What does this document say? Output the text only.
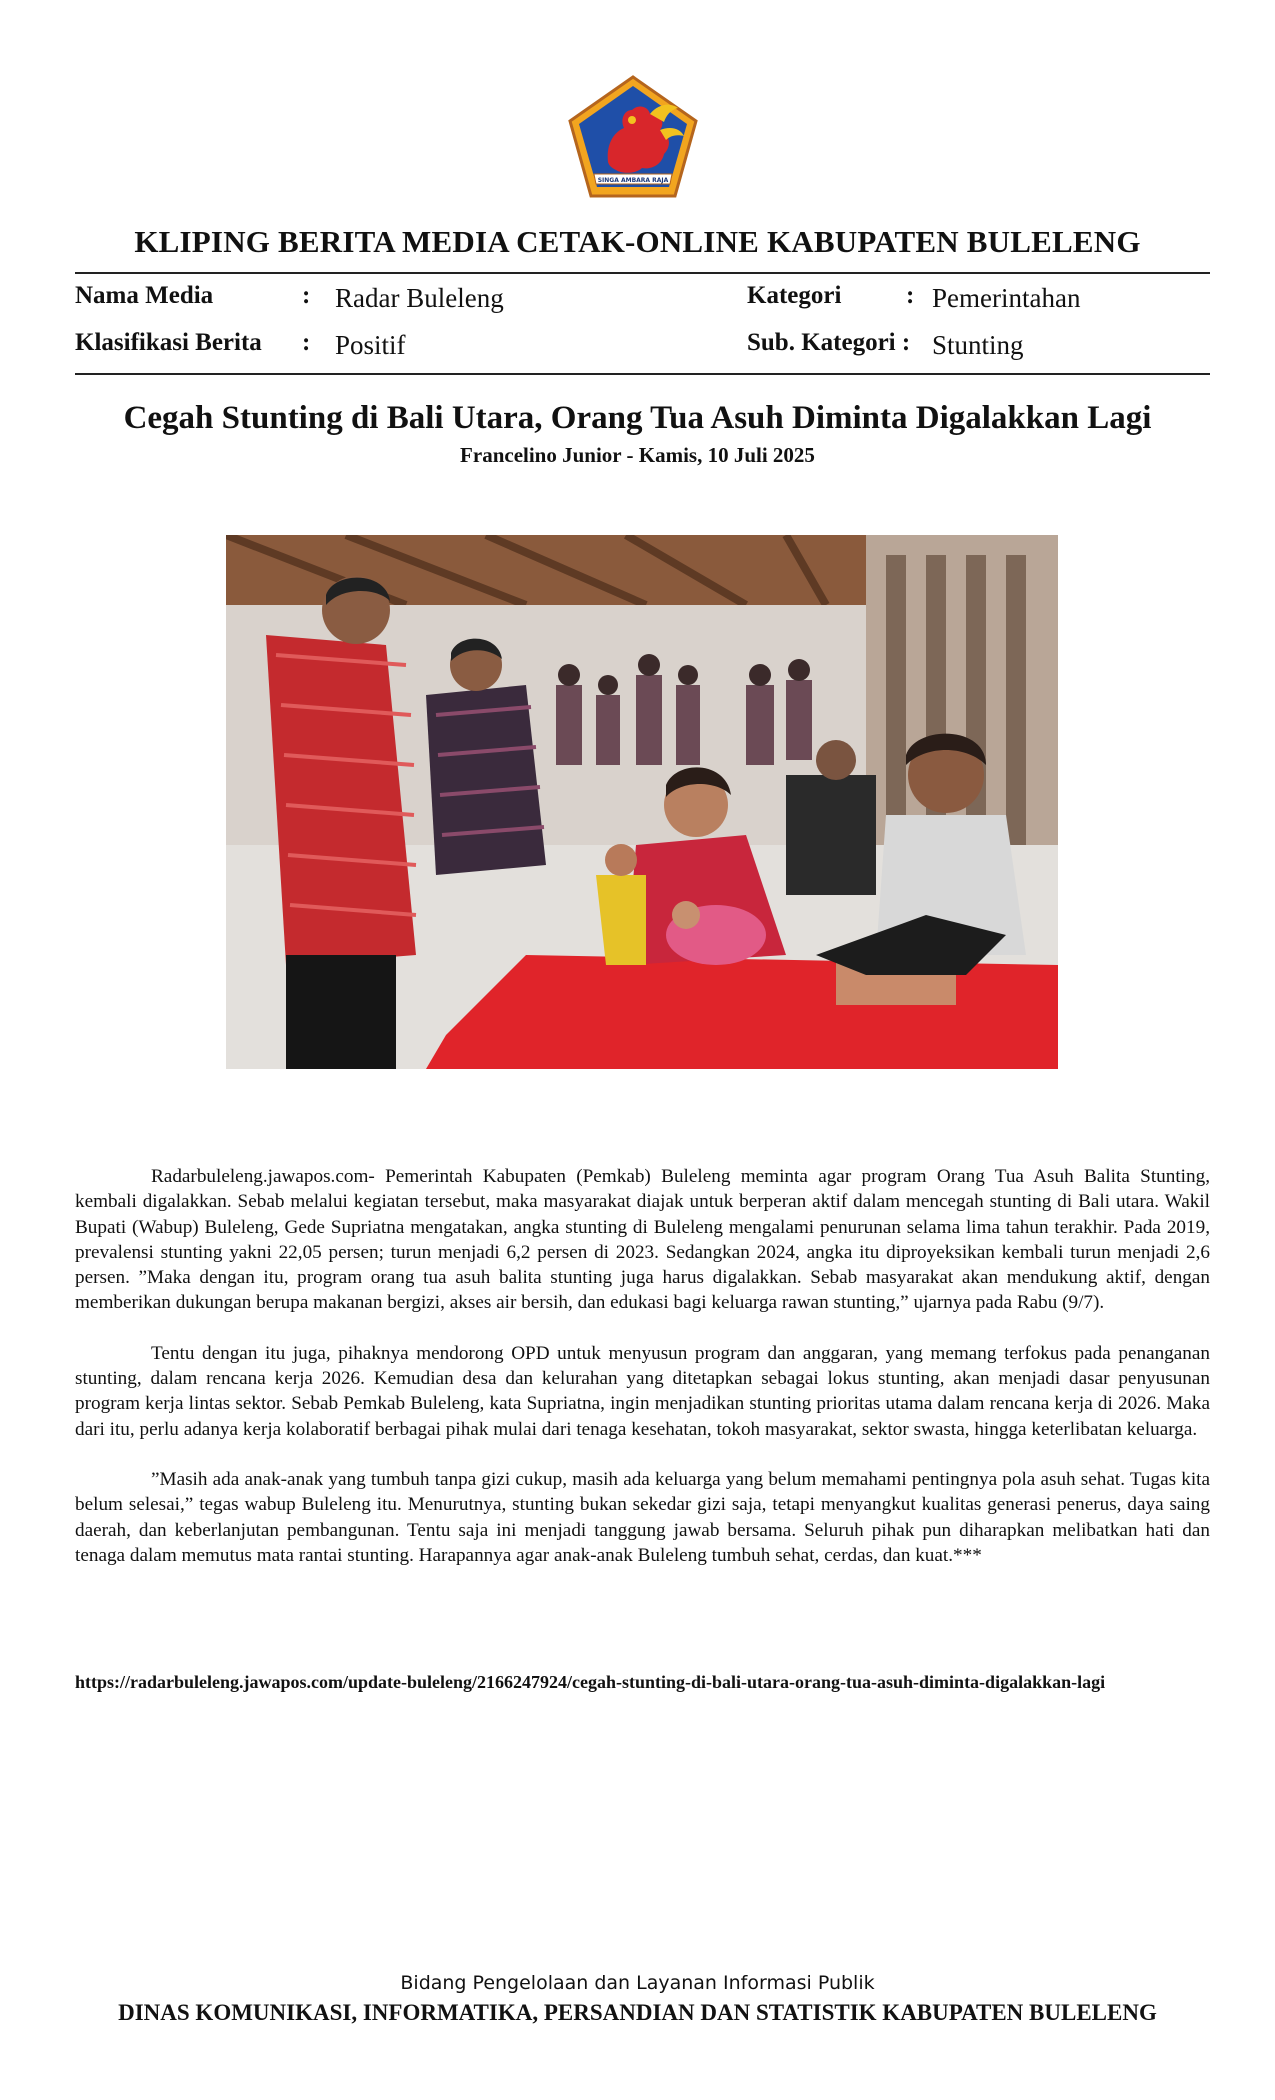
SINGA AMBARA RAJA
KLIPING BERITA MEDIA CETAK-ONLINE KABUPATEN BULELENG
Nama Media	: Radar Buleleng
Klasifikasi Berita : Positif
Kategori	: Pemerintahan
Sub. Kategori : Stunting
Cegah Stunting di Bali Utara, Orang Tua Asuh Diminta Digalakkan Lagi
Francelino Junior - Kamis, 10 Juli 2025

Radarbuleleng.jawapos.com- Pemerintah Kabupaten (Pemkab) Buleleng meminta agar program Orang Tua Asuh Balita Stunting, kembali digalakkan. Sebab melalui kegiatan tersebut, maka masyarakat diajak untuk berperan aktif dalam mencegah stunting di Bali utara. Wakil Bupati (Wabup) Buleleng, Gede Supriatna mengatakan, angka stunting di Buleleng mengalami penurunan selama lima tahun terakhir. Pada 2019, prevalensi stunting yakni 22,05 persen; turun menjadi 6,2 persen di 2023. Sedangkan 2024, angka itu diproyeksikan kembali turun menjadi 2,6 persen. ”Maka dengan itu, program orang tua asuh balita stunting juga harus digalakkan. Sebab masyarakat akan mendukung aktif, dengan memberikan dukungan berupa makanan bergizi, akses air bersih, dan edukasi bagi keluarga rawan stunting,” ujarnya pada Rabu (9/7).

Tentu dengan itu juga, pihaknya mendorong OPD untuk menyusun program dan anggaran, yang memang terfokus pada penanganan stunting, dalam rencana kerja 2026. Kemudian desa dan kelurahan yang ditetapkan sebagai lokus stunting, akan menjadi dasar penyusunan program kerja lintas sektor. Sebab Pemkab Buleleng, kata Supriatna, ingin menjadikan stunting prioritas utama dalam rencana kerja di 2026. Maka dari itu, perlu adanya kerja kolaboratif berbagai pihak mulai dari tenaga kesehatan, tokoh masyarakat, sektor swasta, hingga keterlibatan keluarga.

”Masih ada anak-anak yang tumbuh tanpa gizi cukup, masih ada keluarga yang belum memahami pentingnya pola asuh sehat. Tugas kita belum selesai,” tegas wabup Buleleng itu. Menurutnya, stunting bukan sekedar gizi saja, tetapi menyangkut kualitas generasi penerus, daya saing daerah, dan keberlanjutan pembangunan. Tentu saja ini menjadi tanggung jawab bersama. Seluruh pihak pun diharapkan melibatkan hati dan tenaga dalam memutus mata rantai stunting. Harapannya agar anak-anak Buleleng tumbuh sehat, cerdas, dan kuat.***

https://radarbuleleng.jawapos.com/update-buleleng/2166247924/cegah-stunting-di-bali-utara-orang-tua-asuh-diminta-digalakkan-lagi
Bidang Pengelolaan dan Layanan Informasi Publik
DINAS KOMUNIKASI, INFORMATIKA, PERSANDIAN DAN STATISTIK KABUPATEN BULELENG
